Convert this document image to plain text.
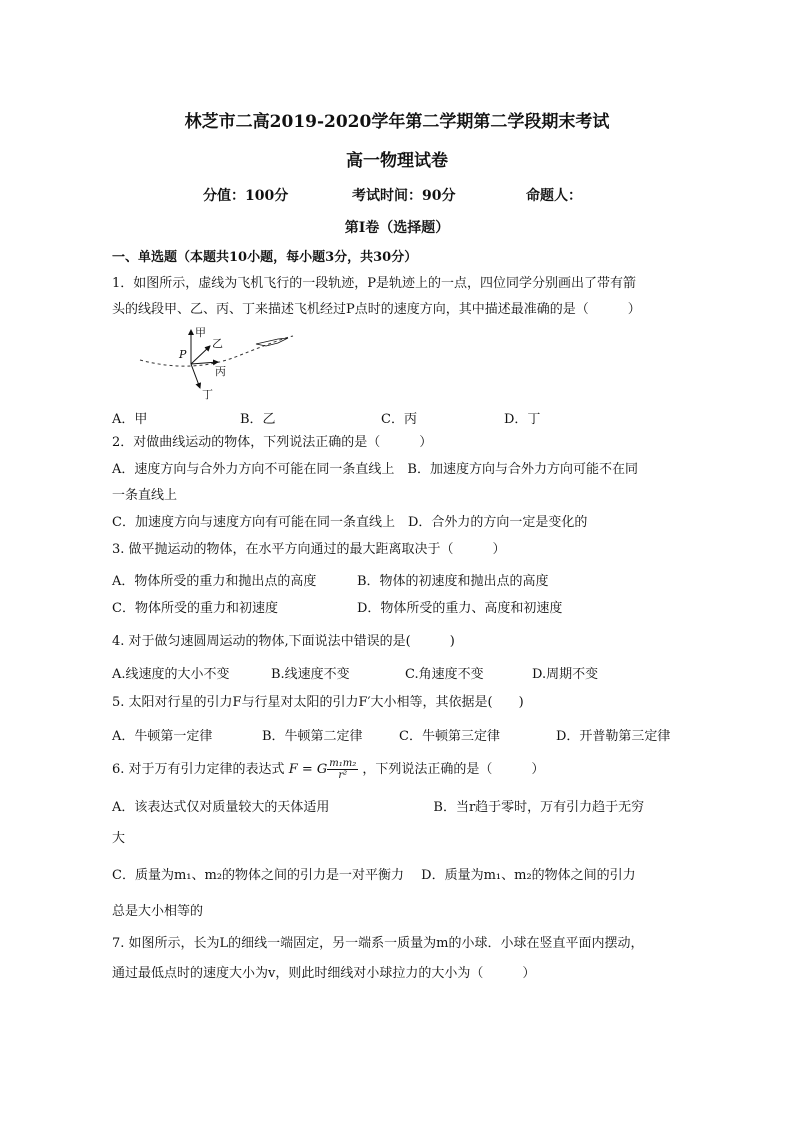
林芝市二高2019-2020学年第二学期第二学段期末考试
高一物理试卷
分值：100分	考试时间：90分	命题人：
第I卷（选择题）
一、单选题（本题共10小题，每小题3分，共30分）
1．如图所示，虚线为飞机飞行的一段轨迹，P是轨迹上的一点，四位同学分别画出了带有箭
头的线段甲、乙、丙、丁来描述飞机经过P点时的速度方向，其中描述最准确的是（　　　）
P
甲
乙
丙
丁
A．甲	B．乙	C．丙	D．丁
2．对做曲线运动的物体，下列说法正确的是（　　　）
A．速度方向与合外力方向不可能在同一条直线上　B．加速度方向与合外力方向可能不在同
一条直线上
C．加速度方向与速度方向有可能在同一条直线上　D．合外力的方向一定是变化的
3. 做平抛运动的物体，在水平方向通过的最大距离取决于（　　　）
A．物体所受的重力和抛出点的高度	B．物体的初速度和抛出点的高度
C．物体所受的重力和初速度	D．物体所受的重力、高度和初速度
4. 对于做匀速圆周运动的物体,下面说法中错误的是(　　　)
A.线速度的大小不变	B.线速度不变	C.角速度不变	D.周期不变
5. 太阳对行星的引力F与行星对太阳的引力F′大小相等，其依据是(　　)
A．牛顿第一定律	B．牛顿第二定律	C．牛顿第三定律	D．开普勒第三定律
6. 对于万有引力定律的表达式 F = G $\frac{\text{m₁m₂}}{\text{r²}}$ ，下列说法正确的是（　　　）
A．该表达式仅对质量较大的天体适用　　　　　　　　B．当r趋于零时，万有引力趋于无穷
大
C．质量为m₁、m₂的物体之间的引力是一对平衡力　 D．质量为m₁、m₂的物体之间的引力
总是大小相等的
7. 如图所示，长为L的细线一端固定，另一端系一质量为m的小球．小球在竖直平面内摆动，
通过最低点时的速度大小为v，则此时细线对小球拉力的大小为（　　　）
